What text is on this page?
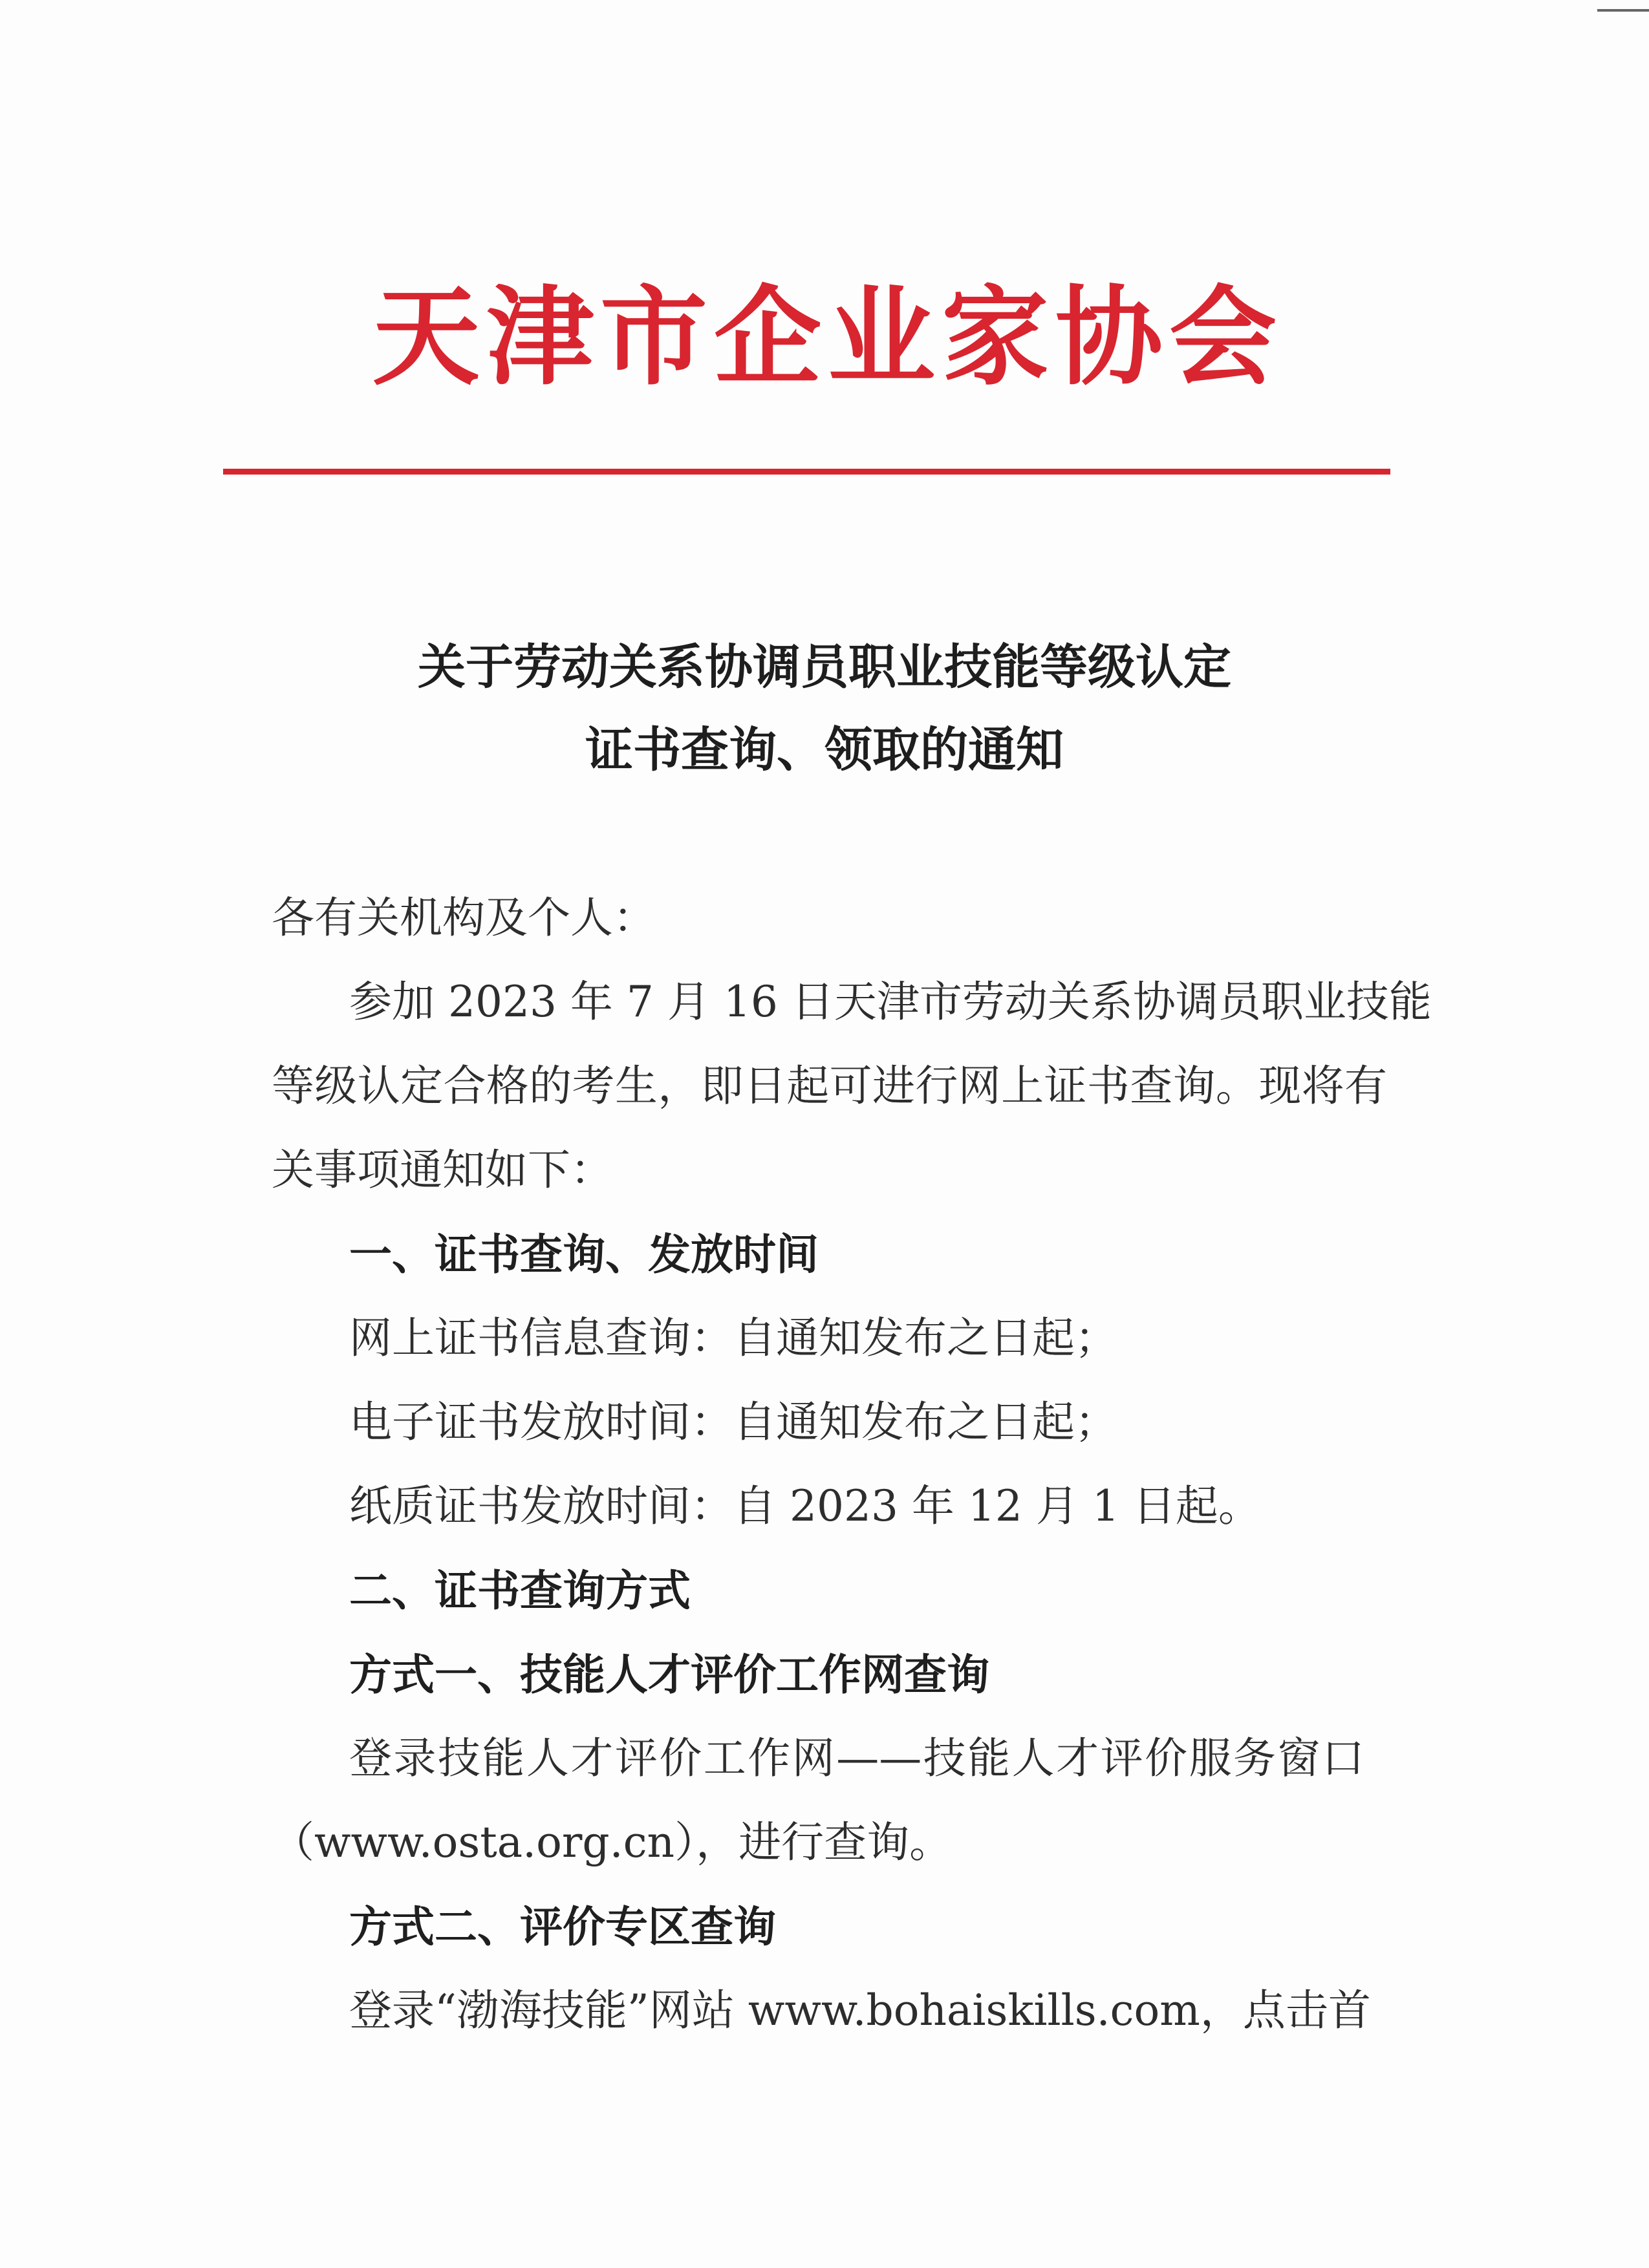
天津市企业家协会
关于劳动关系协调员职业技能等级认定
证书查询、领取的通知
各有关机构及个人：
参加 2023 年 7 月 16 日天津市劳动关系协调员职业技能
等级认定合格的考生，即日起可进行网上证书查询。现将有
关事项通知如下：
一、证书查询、发放时间
网上证书信息查询：自通知发布之日起；
电子证书发放时间：自通知发布之日起；
纸质证书发放时间：自 2023 年 12 月 1 日起。
二、证书查询方式
方式一、技能人才评价工作网查询
登录技能人才评价工作网——技能人才评价服务窗口
（www.osta.org.cn），进行查询。
方式二、评价专区查询
登录“渤海技能”网站 www.bohaiskills.com，点击首
